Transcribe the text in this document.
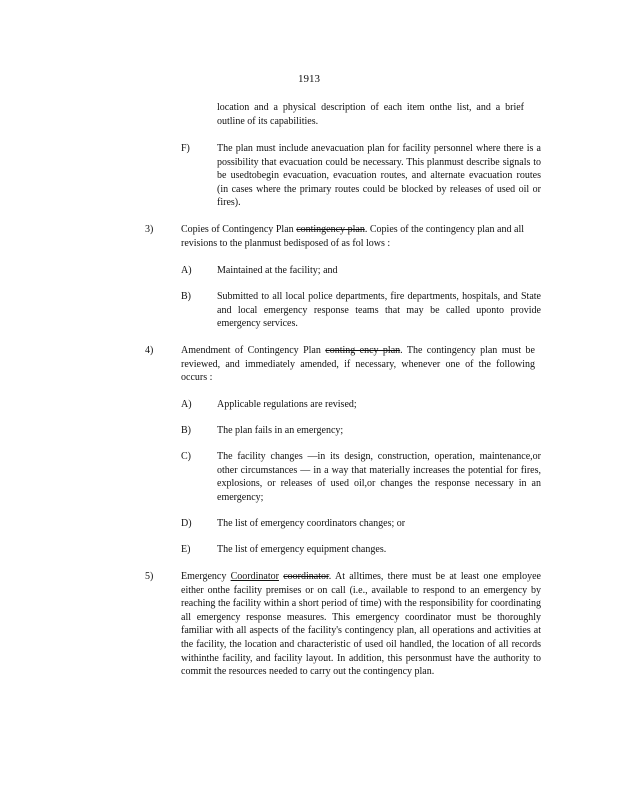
1913
location and a physical description of each item onthe list, and a brief outline of its capabilities.
F)	The plan must include anevacuation plan for facility personnel where there is a possibility that evacuation could be necessary. This planmust describe signals to be usedtobegin evacuation, evacuation routes, and alternate evacuation routes (in cases where the primary routes could be blocked by releases of used oil or fires).
3)	Copies of Contingency Plan contingency plan. Copies of the contingency plan and all revisions to the planmust bedisposed of as fol lows :
A)	Maintained at the facility; and
B)	Submitted to all local police departments, fire departments, hospitals, and State and local emergency response teams that may be called uponto provide emergency services.
4)	Amendment of Contingency Plan conting ency plan. The contingency plan must be reviewed, and immediately amended, if necessary, whenever one of the following occurs :
A)	Applicable regulations are revised;
B)	The plan fails in an emergency;
C)	The facility changes —in its design, construction, operation, maintenance,or other circumstances — in a way that materially increases the potential for fires, explosions, or releases of used oil,or changes the response necessary in an emergency;
D)	The list of emergency coordinators changes; or
E)	The list of emergency equipment changes.
5)	Emergency Coordinator coordinator. At alltimes, there must be at least one employee either onthe facility premises or on call (i.e., available to respond to an emergency by reaching the facility within a short period of time) with the responsibility for coordinating all emergency response measures. This emergency coordinator must be thoroughly familiar with all aspects of the facility's contingency plan, all operations and activities at the facility, the location and characteristic of used oil handled, the location of all records withinthe facility, and facility layout. In addition, this personmust have the authority to commit the resources needed to carry out the contingency plan.
